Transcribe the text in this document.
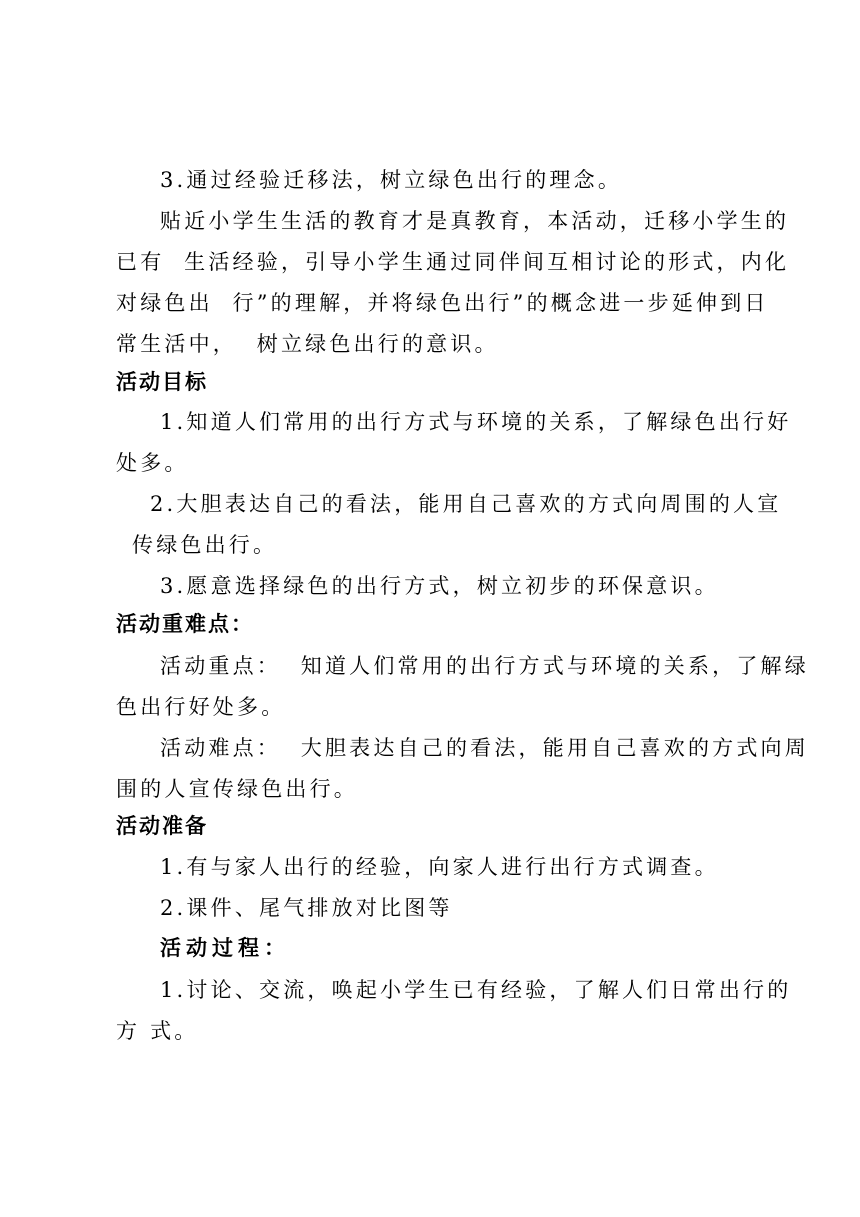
3.通过经验迁移法，树立绿色出行的理念。
贴近小学生生活的教育才是真教育，本活动，迁移小学生的
已有  生活经验，引导小学生通过同伴间互相讨论的形式，内化
对绿色出  行”的理解，并将绿色出行”的概念进一步延伸到日
常生活中，  树立绿色出行的意识。
活动目标
1.知道人们常用的出行方式与环境的关系，了解绿色出行好
处多。
2.大胆表达自己的看法，能用自己喜欢的方式向周围的人宣
传绿色出行。
3.愿意选择绿色的出行方式，树立初步的环保意识。
活动重难点：
活动重点：  知道人们常用的出行方式与环境的关系，了解绿
色出行好处多。
活动难点：  大胆表达自己的看法，能用自己喜欢的方式向周
围的人宣传绿色出行。
活动准备
1.有与家人出行的经验，向家人进行出行方式调查。
2.课件、尾气排放对比图等
活动过程：
1.讨论、交流，唤起小学生已有经验，了解人们日常出行的
方 式。
